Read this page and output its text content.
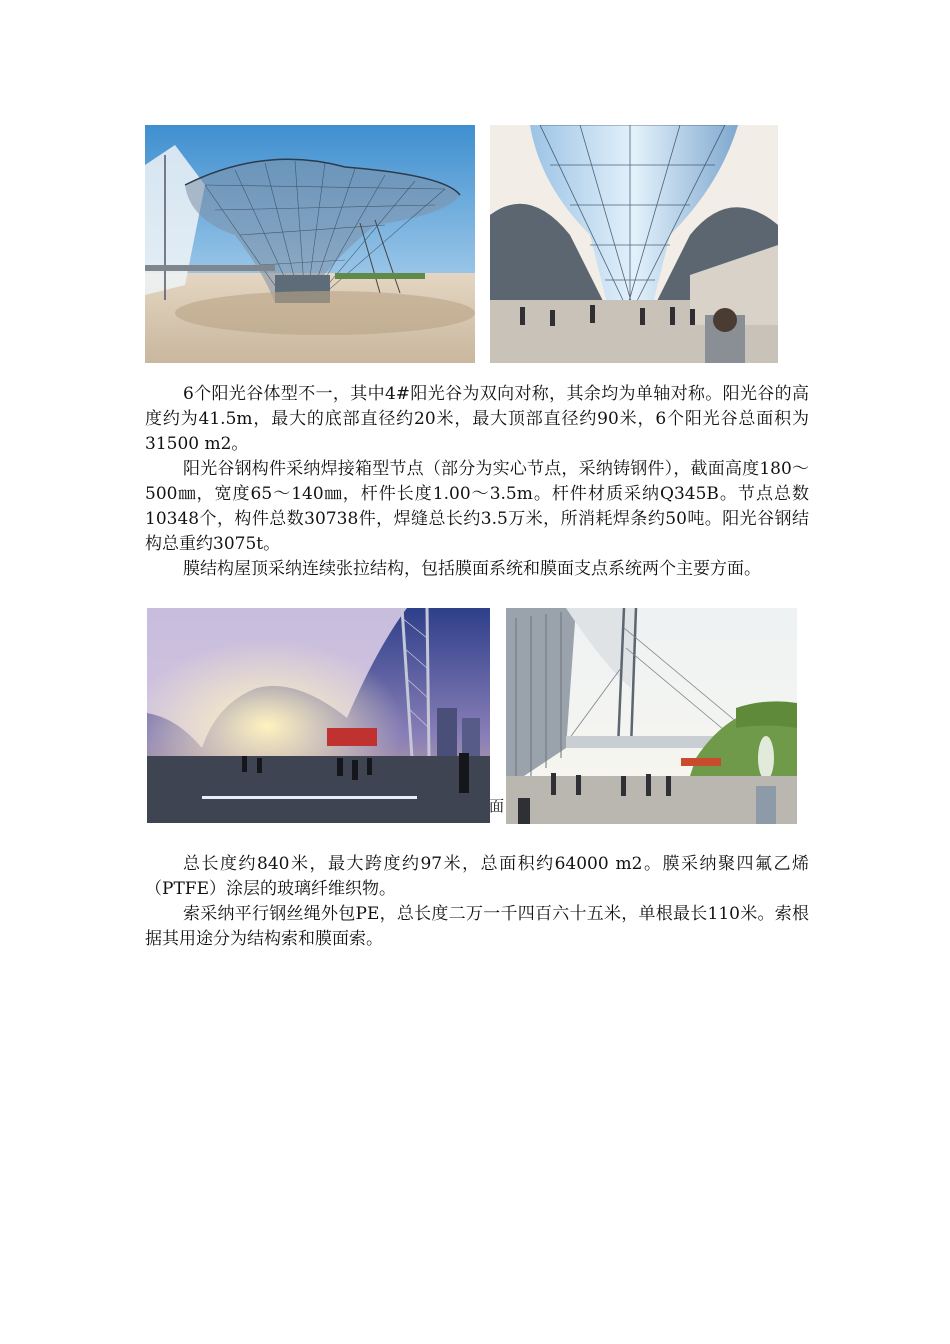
6个阳光谷体型不一，其中4#阳光谷为双向对称，其余均为单轴对称。阳光谷的高度约为41.5m，最大的底部直径约20米，最大顶部直径约90米，6个阳光谷总面积为31500 m2。

阳光谷钢构件采纳焊接箱型节点（部分为实心节点，采纳铸钢件），截面高度180～500㎜，宽度65～140㎜，杆件长度1.00～3.5m。杆件材质采纳Q345B。节点总数10348个，构件总数30738件，焊缝总长约3.5万米，所消耗焊条约50吨。阳光谷钢结构总重约3075t。

膜结构屋顶采纳连续张拉结构，包括膜面系统和膜面支点系统两个主要方面。

面

总长度约840米，最大跨度约97米，总面积约64000 m2。膜采纳聚四氟乙烯（PTFE）涂层的玻璃纤维织物。

索采纳平行钢丝绳外包PE，总长度二万一千四百六十五米，单根最长110米。索根据其用途分为结构索和膜面索。
